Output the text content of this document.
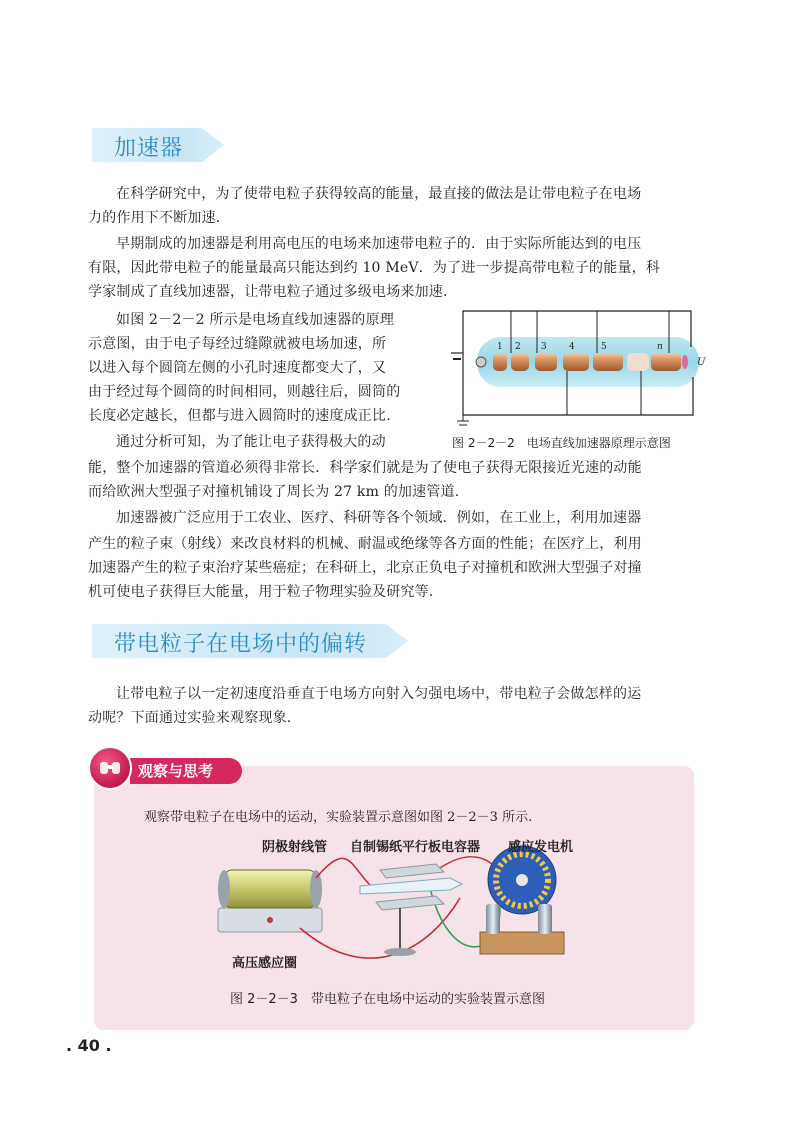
加速器
在科学研究中，为了使带电粒子获得较高的能量，最直接的做法是让带电粒子在电场
力的作用下不断加速.
早期制成的加速器是利用高电压的电场来加速带电粒子的．由于实际所能达到的电压
有限，因此带电粒子的能量最高只能达到约 10 MeV．为了进一步提高带电粒子的能量，科
学家制成了直线加速器，让带电粒子通过多级电场来加速.
如图 2－2－2 所示是电场直线加速器的原理
示意图，由于电子每经过缝隙就被电场加速，所
以进入每个圆筒左侧的小孔时速度都变大了，又
由于经过每个圆筒的时间相同，则越往后，圆筒的
长度必定越长，但都与进入圆筒时的速度成正比.
通过分析可知，为了能让电子获得极大的动
能，整个加速器的管道必须得非常长．科学家们就是为了使电子获得无限接近光速的动能
而给欧洲大型强子对撞机铺设了周长为 27 km 的加速管道.
加速器被广泛应用于工农业、医疗、科研等各个领域．例如，在工业上，利用加速器
产生的粒子束（射线）来改良材料的机械、耐温或绝缘等各方面的性能；在医疗上，利用
加速器产生的粒子束治疗某些癌症；在科研上，北京正负电子对撞机和欧洲大型强子对撞
机可使电子获得巨大能量，用于粒子物理实验及研究等.
1 2 3 4	5	n
U
图 2－2－2　电场直线加速器原理示意图
带电粒子在电场中的偏转
让带电粒子以一定初速度沿垂直于电场方向射入匀强电场中，带电粒子会做怎样的运
动呢？下面通过实验来观察现象.
观察与思考
观察带电粒子在电场中的运动，实验装置示意图如图 2－2－3 所示.
阴极射线管 自制锡纸平行板电容器 感应发电机
高压感应圈
图 2－2－3　带电粒子在电场中运动的实验装置示意图
. 40 .
